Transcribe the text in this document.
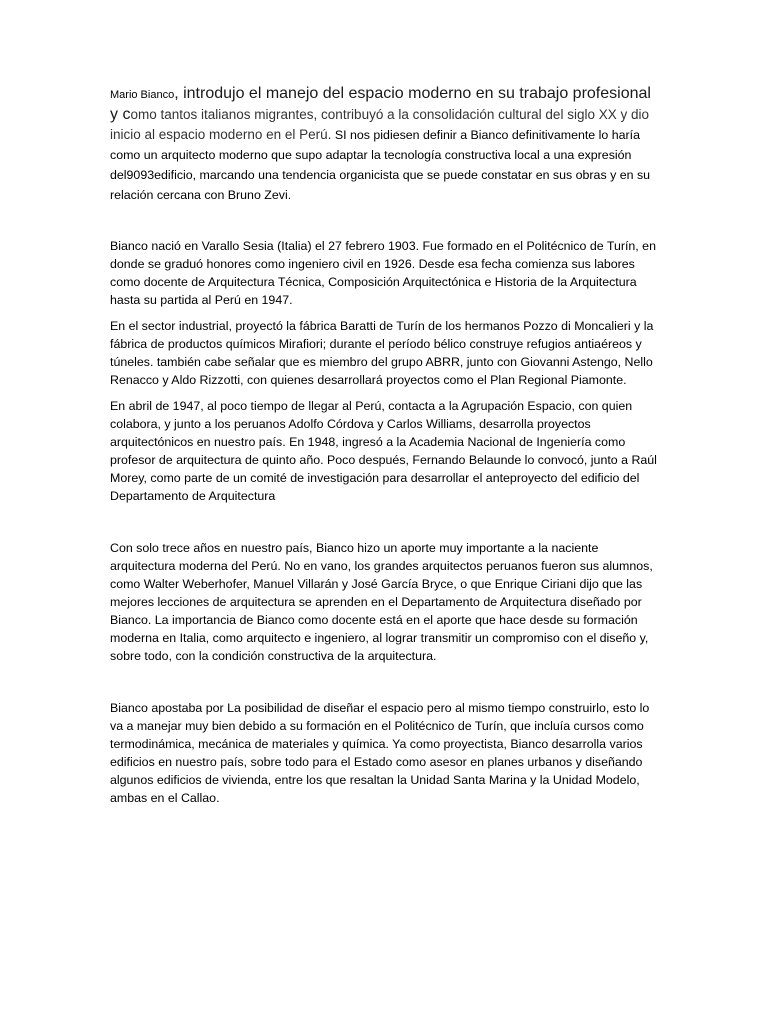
Mario Bianco, introdujo el manejo del espacio moderno en su trabajo profesional y como tantos italianos migrantes, contribuyó a la consolidación cultural del siglo XX y dio inicio al espacio moderno en el Perú. SI nos pidiesen definir a Bianco definitivamente lo haría como un arquitecto moderno que supo adaptar la tecnología constructiva local a una expresión del9093edificio, marcando una tendencia organicista que se puede constatar en sus obras y en su relación cercana con Bruno Zevi.

Bianco nació en Varallo Sesia (Italia) el 27 febrero 1903. Fue formado en el Politécnico de Turín, en donde se graduó honores como ingeniero civil en 1926. Desde esa fecha comienza sus labores como docente de Arquitectura Técnica, Composición Arquitectónica e Historia de la Arquitectura hasta su partida al Perú en 1947.

En el sector industrial, proyectó la fábrica Baratti de Turín de los hermanos Pozzo di Moncalieri y la fábrica de productos químicos Mirafiori; durante el período bélico construye refugios antiaéreos y túneles. también cabe señalar que es miembro del grupo ABRR, junto con Giovanni Astengo, Nello Renacco y Aldo Rizzotti, con quienes desarrollará proyectos como el Plan Regional Piamonte.

En abril de 1947, al poco tiempo de llegar al Perú, contacta a la Agrupación Espacio, con quien colabora, y junto a los peruanos Adolfo Córdova y Carlos Williams, desarrolla proyectos arquitectónicos en nuestro país. En 1948, ingresó a la Academia Nacional de Ingeniería como profesor de arquitectura de quinto año. Poco después, Fernando Belaunde lo convocó, junto a Raúl Morey, como parte de un comité de investigación para desarrollar el anteproyecto del edificio del Departamento de Arquitectura

Con solo trece años en nuestro país, Bianco hizo un aporte muy importante a la naciente arquitectura moderna del Perú. No en vano, los grandes arquitectos peruanos fueron sus alumnos, como Walter Weberhofer, Manuel Villarán y José García Bryce, o que Enrique Ciriani dijo que las mejores lecciones de arquitectura se aprenden en el Departamento de Arquitectura diseñado por Bianco. La importancia de Bianco como docente está en el aporte que hace desde su formación moderna en Italia, como arquitecto e ingeniero, al lograr transmitir un compromiso con el diseño y, sobre todo, con la condición constructiva de la arquitectura.

Bianco apostaba por La posibilidad de diseñar el espacio pero al mismo tiempo construirlo, esto lo va a manejar muy bien debido a su formación en el Politécnico de Turín, que incluía cursos como termodinámica, mecánica de materiales y química. Ya como proyectista, Bianco desarrolla varios edificios en nuestro país, sobre todo para el Estado como asesor en planes urbanos y diseñando algunos edificios de vivienda, entre los que resaltan la Unidad Santa Marina y la Unidad Modelo, ambas en el Callao.
